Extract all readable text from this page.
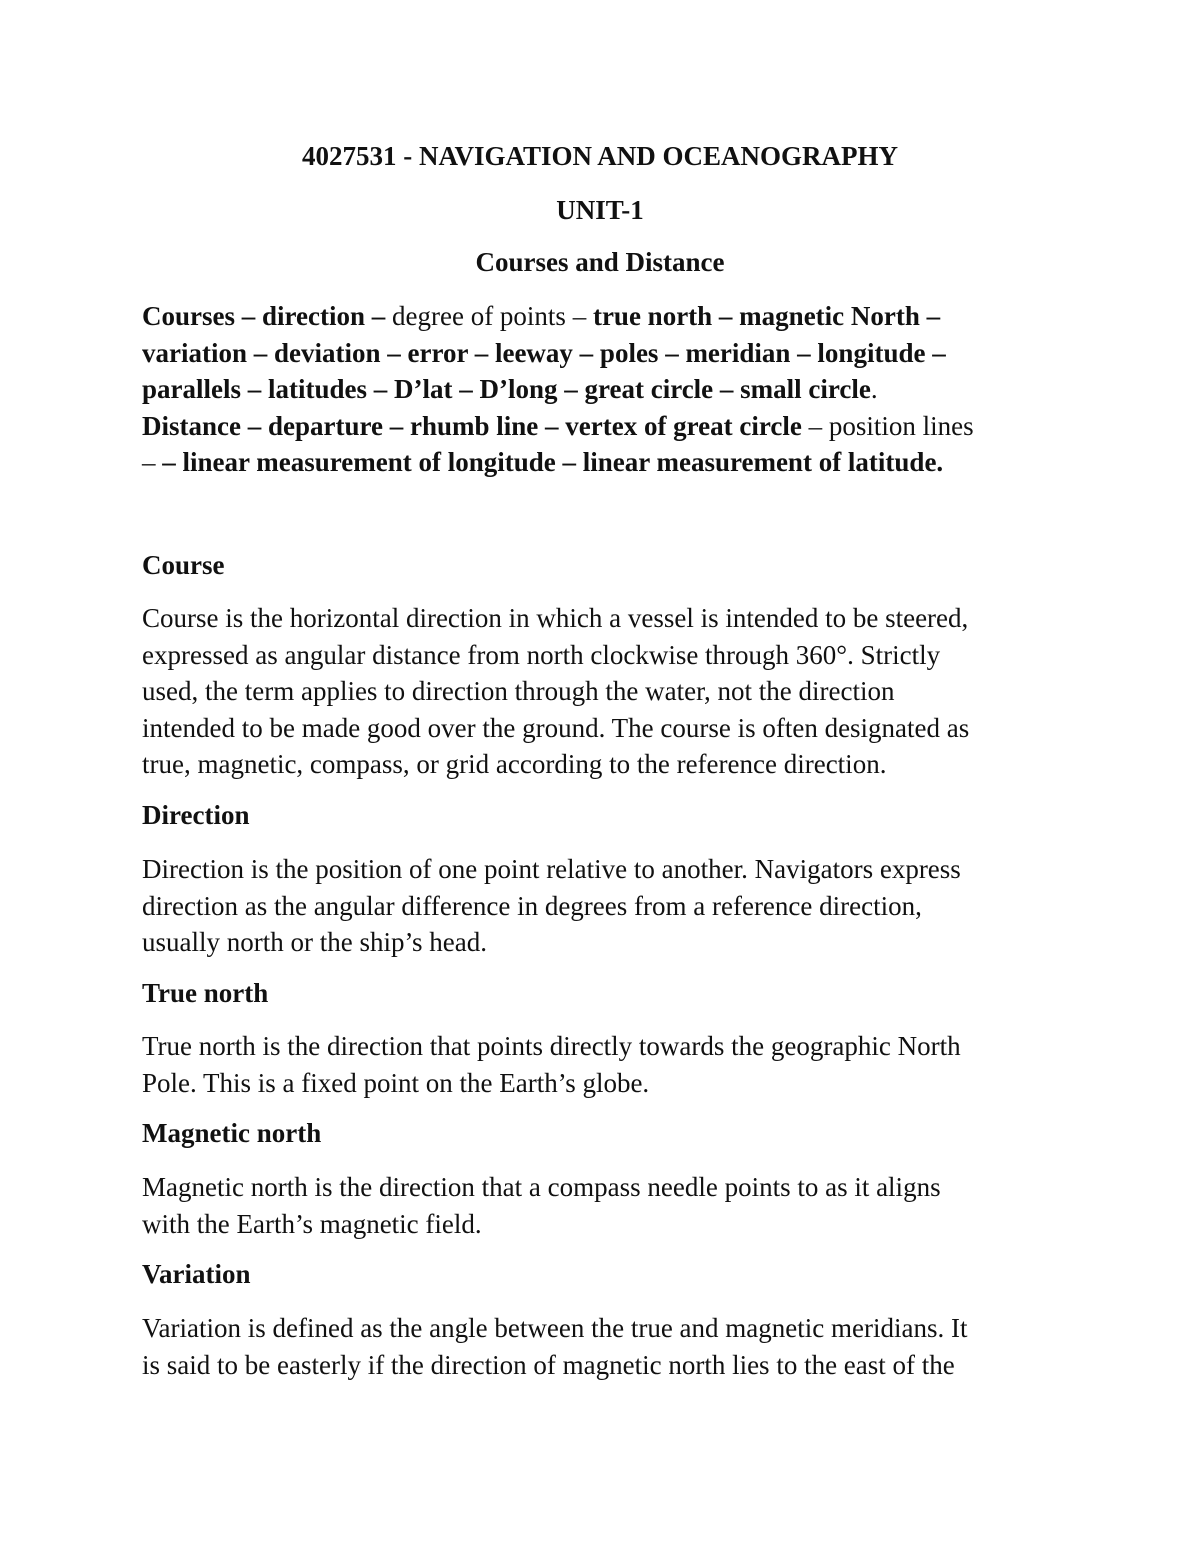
4027531 - NAVIGATION AND OCEANOGRAPHY
UNIT-1
Courses and Distance
Courses – direction – degree of points – true north – magnetic North –
variation – deviation – error – leeway – poles – meridian – longitude –
parallels – latitudes – D’lat – D’long – great circle – small circle.
Distance – departure – rhumb line – vertex of great circle – position lines
– – linear measurement of longitude – linear measurement of latitude.
Course
Course is the horizontal direction in which a vessel is intended to be steered,
expressed as angular distance from north clockwise through 360°. Strictly
used, the term applies to direction through the water, not the direction
intended to be made good over the ground. The course is often designated as
true, magnetic, compass, or grid according to the reference direction.
Direction
Direction is the position of one point relative to another. Navigators express
direction as the angular difference in degrees from a reference direction,
usually north or the ship’s head.
True north
True north is the direction that points directly towards the geographic North
Pole. This is a fixed point on the Earth’s globe.
Magnetic north
Magnetic north is the direction that a compass needle points to as it aligns
with the Earth’s magnetic field.
Variation
Variation is defined as the angle between the true and magnetic meridians. It
is said to be easterly if the direction of magnetic north lies to the east of the
